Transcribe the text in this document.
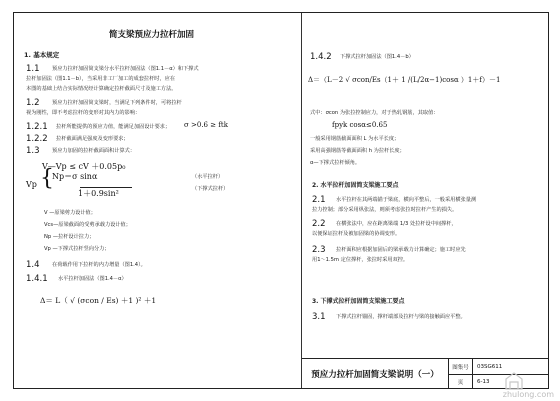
简支梁预应力拉杆加固
1. 基本规定
1.1 预应力拉杆加固简支梁分水平拉杆加固法（图1.1－α）和下撑式
拉杆加固法（图1.1－b），当采用非工厂加工的成套拉杆时，应在
本图的基础上结合实际情况经计算确定拉杆截面尺寸及施工方法。
1.2 预应力拉杆加固简支梁时，当满足下列条件时，可将拉杆
视为刚性，即不考虑拉杆的变形对其内力的影响：
1.2.1 拉杆所能提供的预应力值，能满足加固设计要求； σ >0.6 ≥ ftk
1.2.2 拉杆截面满足强度及变形要求；
1.3 预应力加固的拉杆截面面积计算式：
V—Vp ≤ cV ＋0.05p₀
Vp {
Np＝σ sinα
1＋0.9sin²
（水平拉杆）
（下撑式拉杆）
V —原梁剪力设计值；
Vcs—原梁截面的受剪承载力设计值；
Np —拉杆设计拉力；
Vp —下撑式拉杆竖向分力；
1.4 在荷载作用下拉杆的内力增量（图1.4）。
1.4.1 水平拉杆加固法（图1.4－α）
Δ＝ L（ √ (σcon / Es) ＋1 )² ＋1
1.4.2 下撑式拉杆加固法（图1.4－b）
Δ＝（L－2 √ σcon/Es（1＋ 1 /(L/2α−1)cosα ）1＋f）－1
式中：σcon 为张拉控制应力，对于热轧钢筋，其取值：
fpyk cosα≤0.65
一般采用钢筋截面面积 L 为水平长度；
采用高强钢筋等截面面积 h 为拉杆长度；
α—下撑式拉杆倾角。
2. 水平拉杆加固简支梁施工要点
2.1 水平拉杆在其两端锚于梁底，横向平整后，一般采用横张量测
拉力控制；部分采用纵张法，则须考虑张拉时拉杆产生的损失。
2.2 在横张法中，应在距离梁端 1/3 处拉杆设中间撑杆，
以便保证拉杆及被加固梁的协调变形。
2.3 拉杆面积应根据加固后的梁承载力计算确定；施工时应先
用1～1.5m 定位撑杆，张拉时采用双控。
3. 下撑式拉杆加固简支梁施工要点
3.1 下撑式拉杆锚固，撑杆端部及拉杆与梁的接触面应平整。
预应力拉杆加固简支梁说明（一）
图集号	03SG611
页	6-13
zhulong.com
